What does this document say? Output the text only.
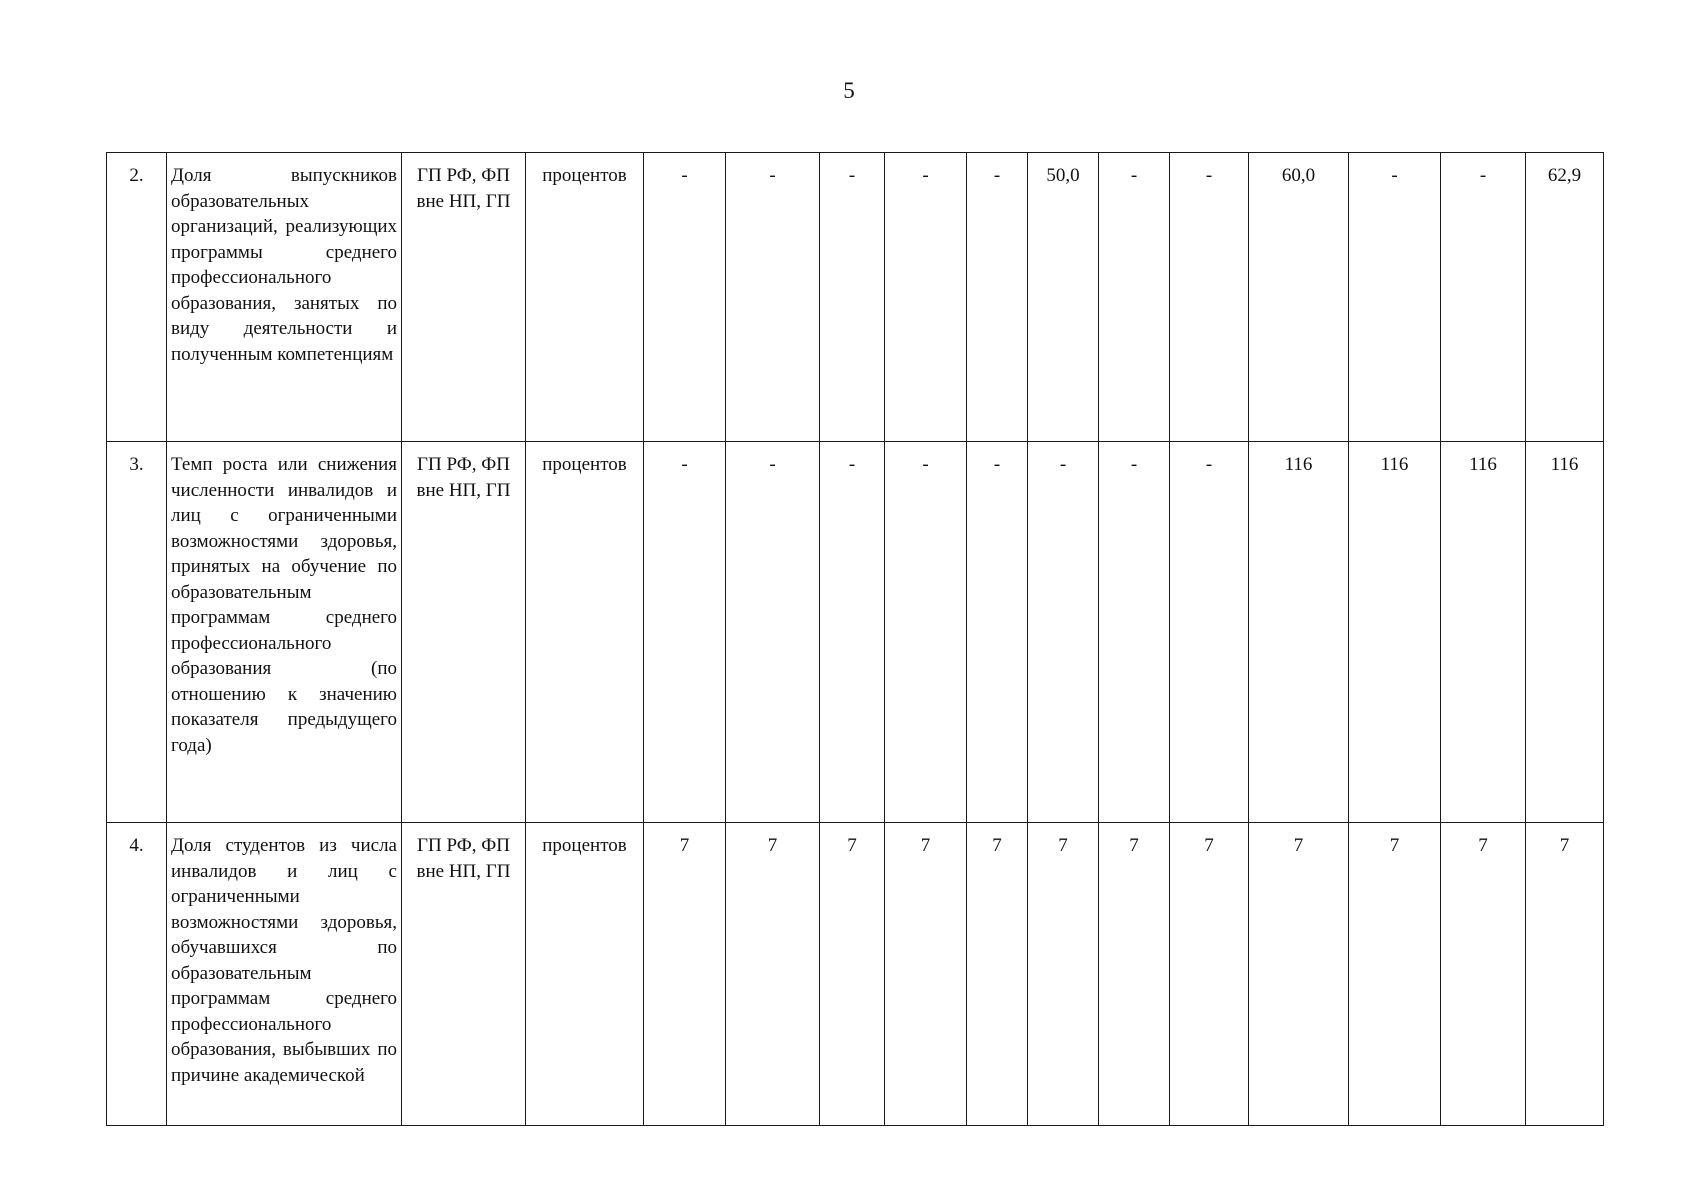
5
2.	Доля выпускников образовательных организаций, реализующих программы среднего профессионального образования, занятых по виду деятельности и полученным компетенциям	ГП РФ, ФП вне НП, ГП	процентов	-	-	-	-	-	50,0	-	-	60,0	-	-	62,9
3.	Темп роста или снижения численности инвалидов и лиц с ограниченными возможностями здоровья, принятых на обучение по образовательным программам среднего профессионального образования (по отношению к значению показателя предыдущего года)	ГП РФ, ФП вне НП, ГП	процентов	-	-	-	-	-	-	-	-	116	116	116	116
4.	Доля студентов из числа инвалидов и лиц с ограниченными возможностями здоровья, обучавшихся по образовательным программам среднего профессионального образования, выбывших по причине академической	ГП РФ, ФП вне НП, ГП	процентов	7	7	7	7	7	7	7	7	7	7	7	7
